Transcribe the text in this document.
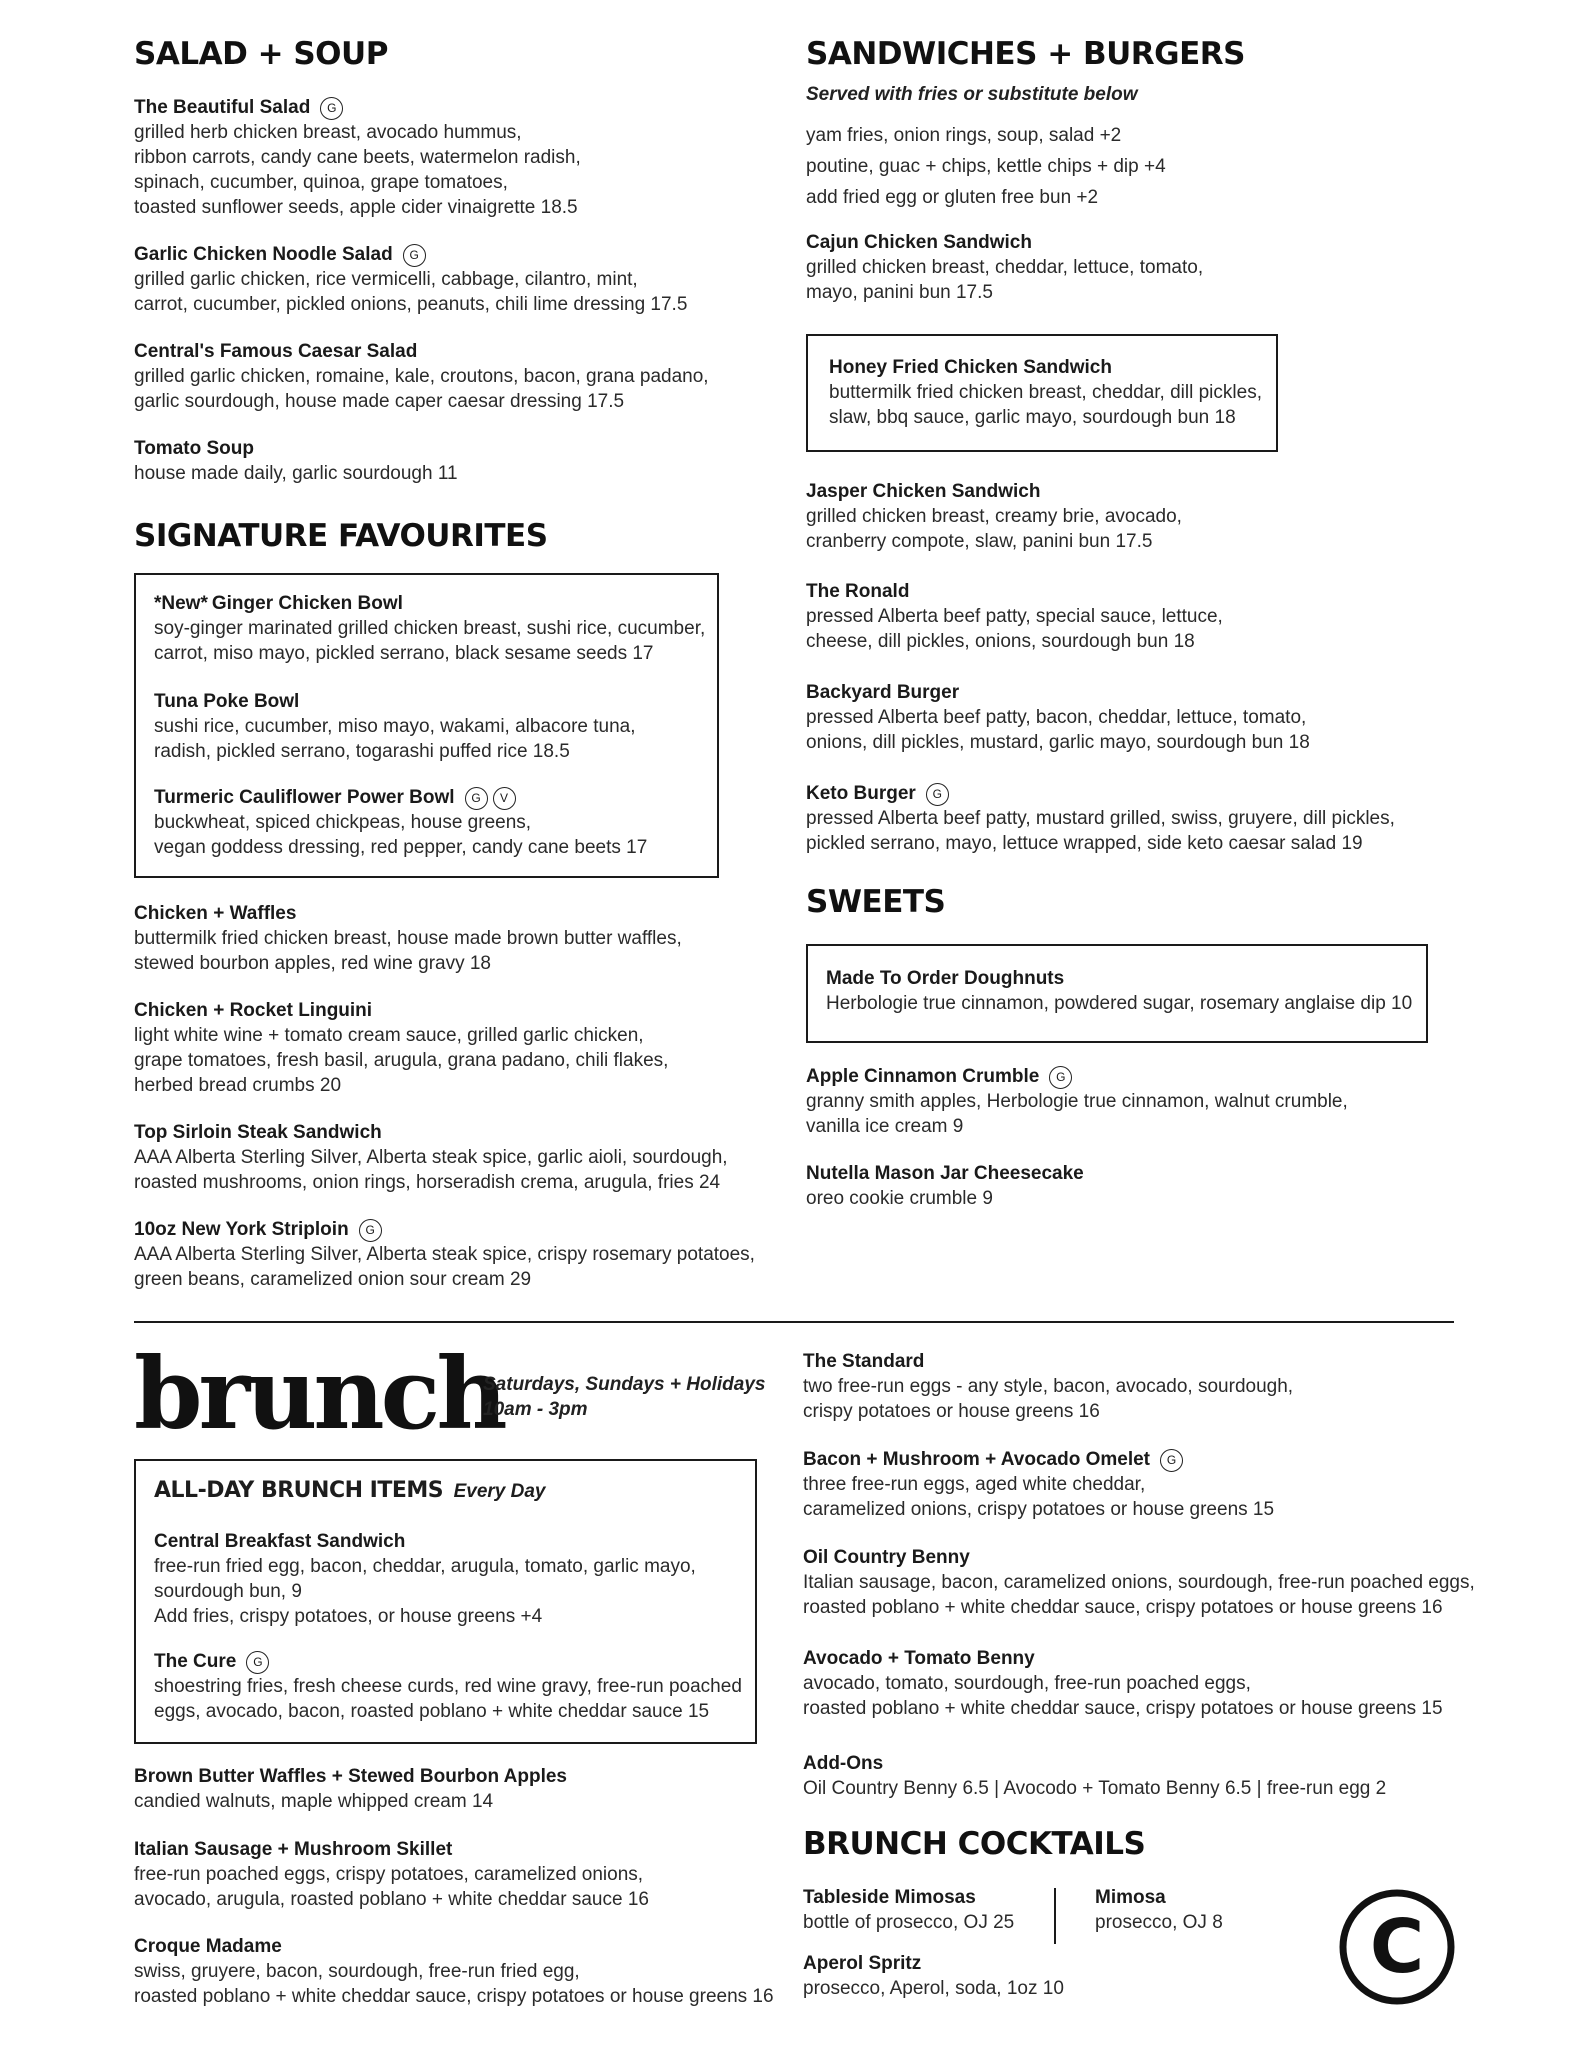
SALAD + SOUP
The Beautiful Salad G
grilled herb chicken breast, avocado hummus,
ribbon carrots, candy cane beets, watermelon radish,
spinach, cucumber, quinoa, grape tomatoes,
toasted sunflower seeds, apple cider vinaigrette 18.5
Garlic Chicken Noodle Salad G
grilled garlic chicken, rice vermicelli, cabbage, cilantro, mint,
carrot, cucumber, pickled onions, peanuts, chili lime dressing 17.5
Central's Famous Caesar Salad
grilled garlic chicken, romaine, kale, croutons, bacon, grana padano,
garlic sourdough, house made caper caesar dressing 17.5
Tomato Soup
house made daily, garlic sourdough 11
SIGNATURE FAVOURITES
*New* Ginger Chicken Bowl
soy-ginger marinated grilled chicken breast, sushi rice, cucumber,
carrot, miso mayo, pickled serrano, black sesame seeds 17
Tuna Poke Bowl
sushi rice, cucumber, miso mayo, wakami, albacore tuna,
radish, pickled serrano, togarashi puffed rice 18.5
Turmeric Cauliflower Power Bowl G V
buckwheat, spiced chickpeas, house greens,
vegan goddess dressing, red pepper, candy cane beets 17
Chicken + Waffles
buttermilk fried chicken breast, house made brown butter waffles,
stewed bourbon apples, red wine gravy 18
Chicken + Rocket Linguini
light white wine + tomato cream sauce, grilled garlic chicken,
grape tomatoes, fresh basil, arugula, grana padano, chili flakes,
herbed bread crumbs 20
Top Sirloin Steak Sandwich
AAA Alberta Sterling Silver, Alberta steak spice, garlic aioli, sourdough,
roasted mushrooms, onion rings, horseradish crema, arugula, fries 24
10oz New York Striploin G
AAA Alberta Sterling Silver, Alberta steak spice, crispy rosemary potatoes,
green beans, caramelized onion sour cream 29
SANDWICHES + BURGERS
Served with fries or substitute below
yam fries, onion rings, soup, salad +2
poutine, guac + chips, kettle chips + dip +4
add fried egg or gluten free bun +2
Cajun Chicken Sandwich
grilled chicken breast, cheddar, lettuce, tomato,
mayo, panini bun 17.5
Honey Fried Chicken Sandwich
buttermilk fried chicken breast, cheddar, dill pickles,
slaw, bbq sauce, garlic mayo, sourdough bun 18
Jasper Chicken Sandwich
grilled chicken breast, creamy brie, avocado,
cranberry compote, slaw, panini bun 17.5
The Ronald
pressed Alberta beef patty, special sauce, lettuce,
cheese, dill pickles, onions, sourdough bun 18
Backyard Burger
pressed Alberta beef patty, bacon, cheddar, lettuce, tomato,
onions, dill pickles, mustard, garlic mayo, sourdough bun 18
Keto Burger G
pressed Alberta beef patty, mustard grilled, swiss, gruyere, dill pickles,
pickled serrano, mayo, lettuce wrapped, side keto caesar salad 19
SWEETS
Made To Order Doughnuts
Herbologie true cinnamon, powdered sugar, rosemary anglaise dip 10
Apple Cinnamon Crumble G
granny smith apples, Herbologie true cinnamon, walnut crumble,
vanilla ice cream 9
Nutella Mason Jar Cheesecake
oreo cookie crumble 9
brunch
Saturdays, Sundays + Holidays
10am - 3pm
ALL-DAY BRUNCH ITEMS Every Day
Central Breakfast Sandwich
free-run fried egg, bacon, cheddar, arugula, tomato, garlic mayo,
sourdough bun, 9
Add fries, crispy potatoes, or house greens +4
The Cure G
shoestring fries, fresh cheese curds, red wine gravy, free-run poached
eggs, avocado, bacon, roasted poblano + white cheddar sauce 15
Brown Butter Waffles + Stewed Bourbon Apples
candied walnuts, maple whipped cream 14
Italian Sausage + Mushroom Skillet
free-run poached eggs, crispy potatoes, caramelized onions,
avocado, arugula, roasted poblano + white cheddar sauce 16
Croque Madame
swiss, gruyere, bacon, sourdough, free-run fried egg,
roasted poblano + white cheddar sauce, crispy potatoes or house greens 16
The Standard
two free-run eggs - any style, bacon, avocado, sourdough,
crispy potatoes or house greens 16
Bacon + Mushroom + Avocado Omelet G
three free-run eggs, aged white cheddar,
caramelized onions, crispy potatoes or house greens 15
Oil Country Benny
Italian sausage, bacon, caramelized onions, sourdough, free-run poached eggs,
roasted poblano + white cheddar sauce, crispy potatoes or house greens 16
Avocado + Tomato Benny
avocado, tomato, sourdough, free-run poached eggs,
roasted poblano + white cheddar sauce, crispy potatoes or house greens 15
Add-Ons
Oil Country Benny 6.5 | Avocodo + Tomato Benny 6.5 | free-run egg 2
BRUNCH COCKTAILS
Tableside Mimosas
bottle of prosecco, OJ 25
Mimosa
prosecco, OJ 8
Aperol Spritz
prosecco, Aperol, soda, 1oz 10	C
